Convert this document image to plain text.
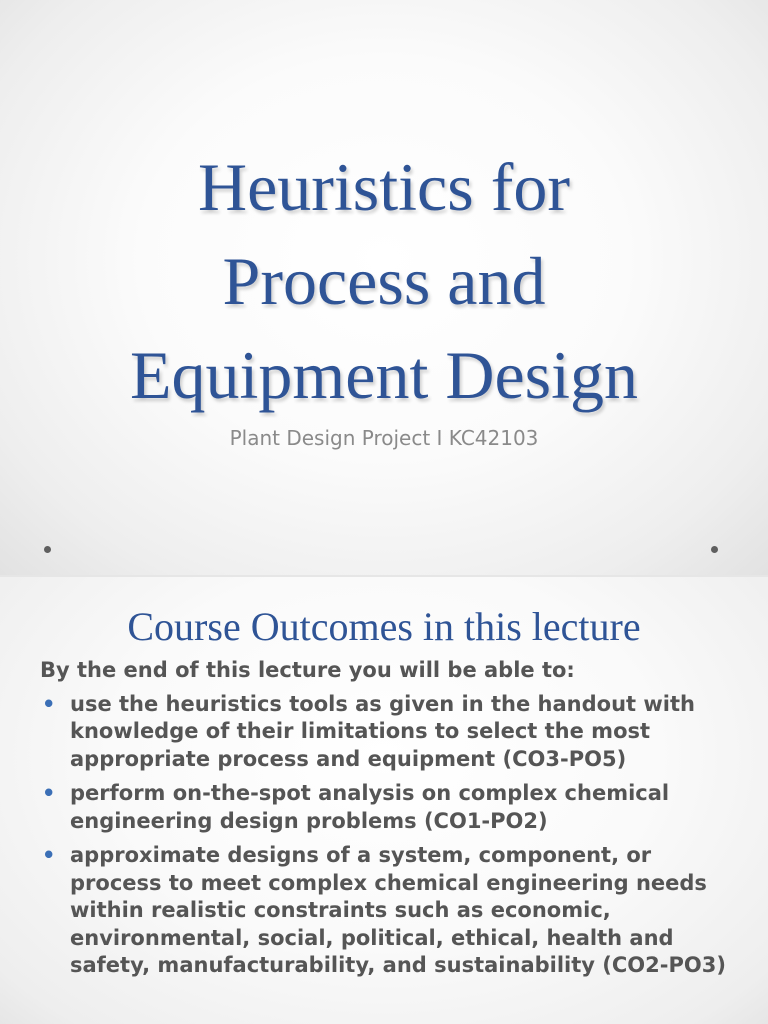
Heuristics for
Process and
Equipment Design
Plant Design Project I KC42103
Course Outcomes in this lecture

By the end of this lecture you will be able to:

• use the heuristics tools as given in the handout with knowledge of their limitations to select the most appropriate process and equipment (CO3-PO5)
• perform on-the-spot analysis on complex chemical engineering design problems (CO1-PO2)
• approximate designs of a system, component, or process to meet complex chemical engineering needs within realistic constraints such as economic, environmental, social, political, ethical, health and safety, manufacturability, and sustainability (CO2-PO3)
